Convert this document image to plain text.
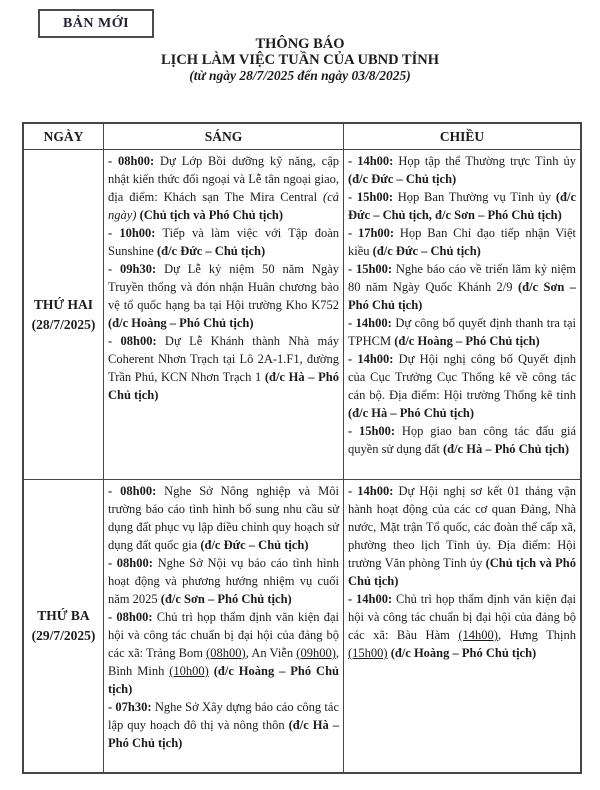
BẢN MỚI
THÔNG BÁO
LỊCH LÀM VIỆC TUẦN CỦA UBND TỈNH
(từ ngày 28/7/2025 đến ngày 03/8/2025)
NGÀY	SÁNG	CHIỀU
THỨ HAI
(28/7/2025)

- 08h00: Dự Lớp Bồi dưỡng kỹ năng, cập nhật kiến thức đối ngoại và Lễ tân ngoại giao, địa điểm: Khách sạn The Mira Central (cả ngày) (Chủ tịch và Phó Chủ tịch)

- 10h00: Tiếp và làm việc với Tập đoàn Sunshine (đ/c Đức – Chủ tịch)

- 09h30: Dự Lễ kỷ niệm 50 năm Ngày Truyền thống và đón nhận Huân chương bảo vệ tổ quốc hạng ba tại Hội trường Kho K752 (đ/c Hoàng – Phó Chủ tịch)

- 08h00: Dự Lễ Khánh thành Nhà máy Coherent Nhơn Trạch tại Lô 2A-1.F1, đường Trần Phú, KCN Nhơn Trạch 1 (đ/c Hà – Phó Chủ tịch)

- 14h00: Họp tập thể Thường trực Tỉnh ủy (đ/c Đức – Chủ tịch)

- 15h00: Họp Ban Thường vụ Tỉnh ủy (đ/c Đức – Chủ tịch, đ/c Sơn – Phó Chủ tịch)

- 17h00: Họp Ban Chỉ đạo tiếp nhận Việt kiều (đ/c Đức – Chủ tịch)

- 15h00: Nghe báo cáo về triển lãm kỷ niệm 80 năm Ngày Quốc Khánh 2/9 (đ/c Sơn – Phó Chủ tịch)

- 14h00: Dự công bố quyết định thanh tra tại TPHCM (đ/c Hoàng – Phó Chủ tịch)

- 14h00: Dự Hội nghị công bố Quyết định của Cục Trưởng Cục Thống kê về công tác cán bộ. Địa điểm: Hội trường Thống kê tỉnh (đ/c Hà – Phó Chủ tịch)

- 15h00: Họp giao ban công tác đấu giá quyền sử dụng đất (đ/c Hà – Phó Chủ tịch)

THỨ BA
(29/7/2025)

- 08h00: Nghe Sở Nông nghiệp và Môi trường báo cáo tình hình bổ sung nhu cầu sử dụng đất phục vụ lập điều chỉnh quy hoạch sử dụng đất quốc gia (đ/c Đức – Chủ tịch)

- 08h00: Nghe Sở Nội vụ báo cáo tình hình hoạt động và phương hướng nhiệm vụ cuối năm 2025 (đ/c Sơn – Phó Chủ tịch)

- 08h00: Chủ trì họp thẩm định văn kiện đại hội và công tác chuẩn bị đại hội của đảng bộ các xã: Trảng Bom (08h00), An Viễn (09h00), Bình Minh (10h00) (đ/c Hoàng – Phó Chủ tịch)

- 07h30: Nghe Sở Xây dựng báo cáo công tác lập quy hoạch đô thị và nông thôn (đ/c Hà – Phó Chủ tịch)

- 14h00: Dự Hội nghị sơ kết 01 tháng vận hành hoạt động của các cơ quan Đảng, Nhà nước, Mặt trận Tổ quốc, các đoàn thể cấp xã, phường theo lịch Tỉnh ủy. Địa điểm: Hội trường Văn phòng Tỉnh ủy (Chủ tịch và Phó Chủ tịch)

- 14h00: Chủ trì họp thẩm định văn kiện đại hội và công tác chuẩn bị đại hội của đảng bộ các xã: Bàu Hàm (14h00), Hưng Thịnh (15h00) (đ/c Hoàng – Phó Chủ tịch)
